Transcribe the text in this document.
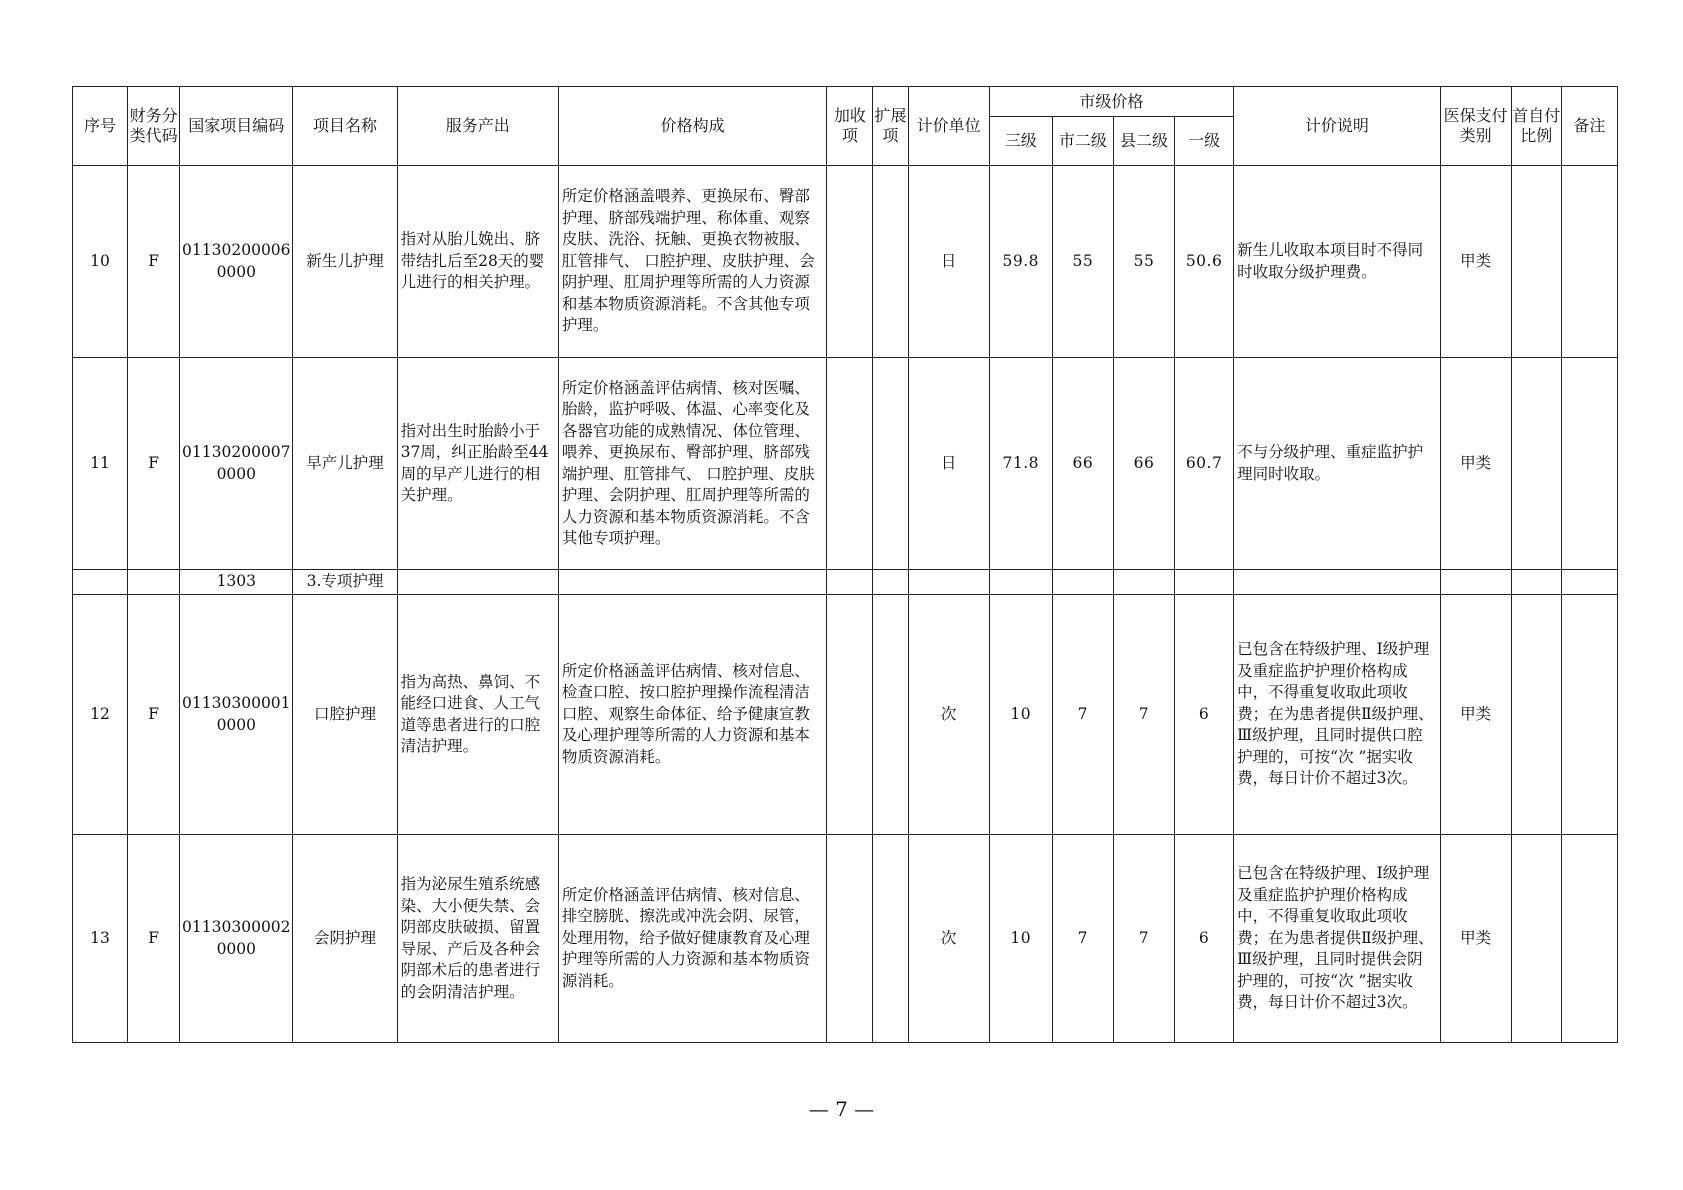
序号	财务分类代码	国家项目编码	项目名称	服务产出	价格构成	加收项	扩展项	计价单位	市级价格				计价说明	医保支付类别	首自付比例	备注
									三级	市二级	县二级	一级				
10	F	011302000060000	新生儿护理	指对从胎儿娩出、脐带结扎后至28天的婴儿进行的相关护理。	所定价格涵盖喂养、更换尿布、臀部护理、脐部残端护理、称体重、观察皮肤、洗浴、抚触、更换衣物被服、肛管排气、 口腔护理、皮肤护理、会阴护理、肛周护理等所需的人力资源和基本物质资源消耗。不含其他专项护理。			日	59.8	55	55	50.6	新生儿收取本项目时不得同时收取分级护理费。	甲类		
11	F	011302000070000	早产儿护理	指对出生时胎龄小于37周，纠正胎龄至44周的早产儿进行的相关护理。	所定价格涵盖评估病情、核对医嘱、胎龄，监护呼吸、体温、心率变化及各器官功能的成熟情况、体位管理、喂养、更换尿布、臀部护理、脐部残端护理、肛管排气、 口腔护理、皮肤护理、会阴护理、肛周护理等所需的人力资源和基本物质资源消耗。不含其他专项护理。			日	71.8	66	66	60.7	不与分级护理、重症监护护理同时收取。	甲类		
		1303	3.专项护理													
12	F	011303000010000	口腔护理	指为高热、鼻饲、不能经口进食、人工气道等患者进行的口腔清洁护理。	所定价格涵盖评估病情、核对信息、检查口腔、按口腔护理操作流程清洁口腔、观察生命体征、给予健康宣教及心理护理等所需的人力资源和基本物质资源消耗。			次	10	7	7	6	已包含在特级护理、Ⅰ级护理及重症监护护理价格构成中，不得重复收取此项收费；在为患者提供Ⅱ级护理、Ⅲ级护理，且同时提供口腔护理的，可按“次 ”据实收费，每日计价不超过3次。	甲类		
13	F	011303000020000	会阴护理	指为泌尿生殖系统感染、大小便失禁、会阴部皮肤破损、留置导尿、产后及各种会阴部术后的患者进行的会阴清洁护理。	所定价格涵盖评估病情、核对信息、排空膀胱、擦洗或冲洗会阴、尿管，处理用物，给予做好健康教育及心理护理等所需的人力资源和基本物质资源消耗。			次	10	7	7	6	已包含在特级护理、Ⅰ级护理及重症监护护理价格构成中，不得重复收取此项收费；在为患者提供Ⅱ级护理、Ⅲ级护理，且同时提供会阴护理的，可按“次 ”据实收费，每日计价不超过3次。	甲类		
— 7 —
